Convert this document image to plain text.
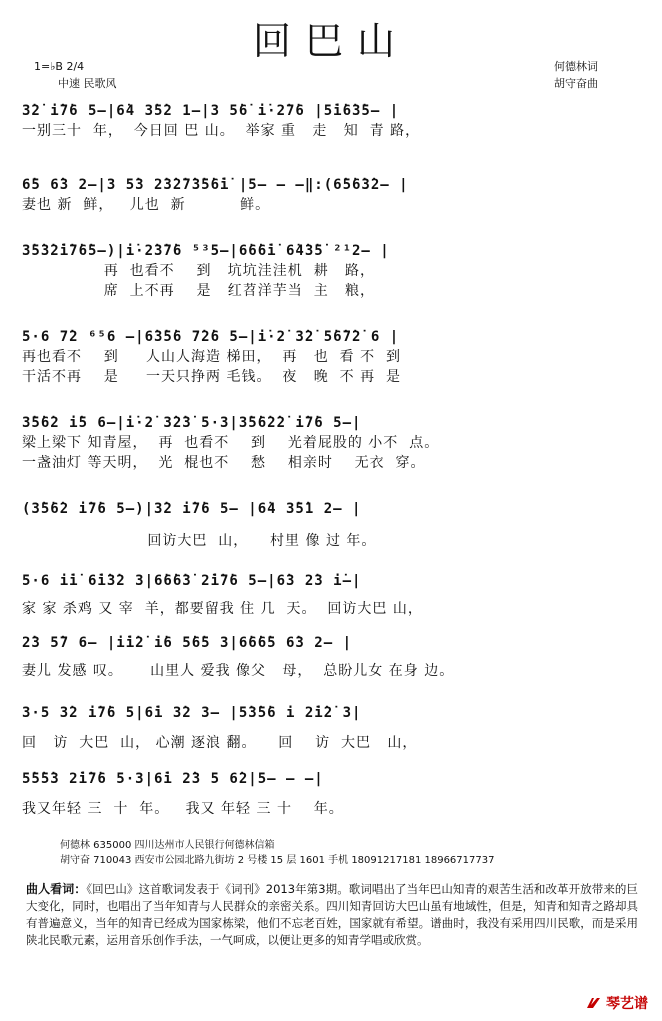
回巴山
1=♭B 2/4
中速 民歌风
何德林词
胡守奋曲
3̇2̇ i̇7̇6 5—|6̇4 3̇5̇2 1—|3 5̇6̇ i̇·2̇7̇6 |5̇i̇6̇3̇5— |
一别三十  年，  今日回 巴 山。  举家 重   走   知  青 路，
6̇5 6̇3 2—|3 5̇3 2̇3̇2̇7̇3̇5̇6̇i̇ |5— — —‖:(6̇5̇6̇3̇2— |
妻也 新  鲜，   儿也  新          鲜。
3̇5̇3̇2̇i̇7̇6̇5—)|i̇·2̇3̇7̇6 ⁵³5—|6̇6̇6̇i̇ 6̇4̇3̇5̇ ²¹2— |
再  也看不    到   坑坑洼洼机  耕   路，
席  上不再    是   红苕洋芋当  主   粮，
5·6 7̇2 ⁶⁵6 —|6̇3̇5̇6 7̇2̇6 5—|i̇·2̇ 3̇2̇ 5̇6̇7̇2̇ 6 |
再也看不    到     人山人海造 梯田，  再   也  看 不  到
干活不再    是     一天只挣两 毛钱。  夜   晚  不 再  是
3̇5̇6̇2 i̇5 6—|i̇·2̇ 3̇2̇3̇ 5·3|3̇5̇6̇2̇2̇ i̇7̇6 5—|
梁上梁下 知青屋，  再  也看不    到    光着屁股的 小不  点。
一盏油灯 等天明，  光  棍也不    愁    相亲时    无衣  穿。
(3̇5̇6̇2 i̇7̇6 5—)|3̇2 i̇7̇6 5— |6̇4 3̇5̇1 2— |
回访大巴  山，    村里 像 过 年。
5·6 i̇i̇ 6̇i̇3̇2 3|6̇6̇6̇3̇ 2̇i̇7̇6 5—|6̇3 2̇3 i̇—|
家 家 杀鸡 又 宰  羊，都要留我 住 几  天。  回访大巴 山，
2̇3 5̇7 6— |i̇i̇2̇ i̇6 5̇6̇5 3|6̇6̇6̇5 6̇3 2— |
妻儿 发感 叹。     山里人 爱我 像父   母，  总盼儿女 在身 边。
3·5 3̇2 i̇7̇6 5|6̇i 3̇2 3— |5̇3̇5̇6 i 2̇i̇2̇ 3|
回   访  大巴  山， 心潮 逐浪 翻。    回    访  大巴   山，
5̇5̇5̇3 2̇i̇7̇6 5·3|6̇i 2̇3 5 6̇2|5— — —|
我又年轻 三  十  年。   我又 年轻 三 十    年。
何德林 635000 四川达州市人民银行何德林信箱
胡守奋 710043 西安市公园北路九街坊 2 号楼 15 层 1601 手机 18091217181 18966717737
曲人看词：《回巴山》这首歌词发表于《词刊》2013年第3期。歌词唱出了当年巴山知青的艰苦生活和改革开放带来的巨大变化，同时，也唱出了当年知青与人民群众的亲密关系。四川知青回访大巴山虽有地域性，但是，知青和知青之路却具有普遍意义，当年的知青已经成为国家栋梁，他们不忘老百姓，国家就有希望。谱曲时，我没有采用四川民歌，而是采用陕北民歌元素，运用音乐创作手法，一气呵成，以便让更多的知青学唱或欣赏。
琴艺谱
